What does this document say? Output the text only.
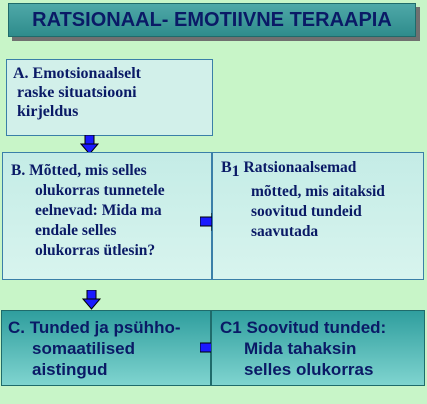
RATSIONAAL- EMOTIIVNE TERAAPIA
A. Emotsionaalselt
raske situatsiooni
kirjeldus
B. Mõtted, mis selles
olukorras tunnetele
eelnevad: Mida ma
endale selles
olukorras ütlesin?
$B_1$ Ratsionaalsemad
mõtted, mis aitaksid
soovitud tundeid
saavutada
C. Tunded ja psühho-
somaatilised
aistingud
C1 Soovitud tunded:
Mida tahaksin
selles olukorras
